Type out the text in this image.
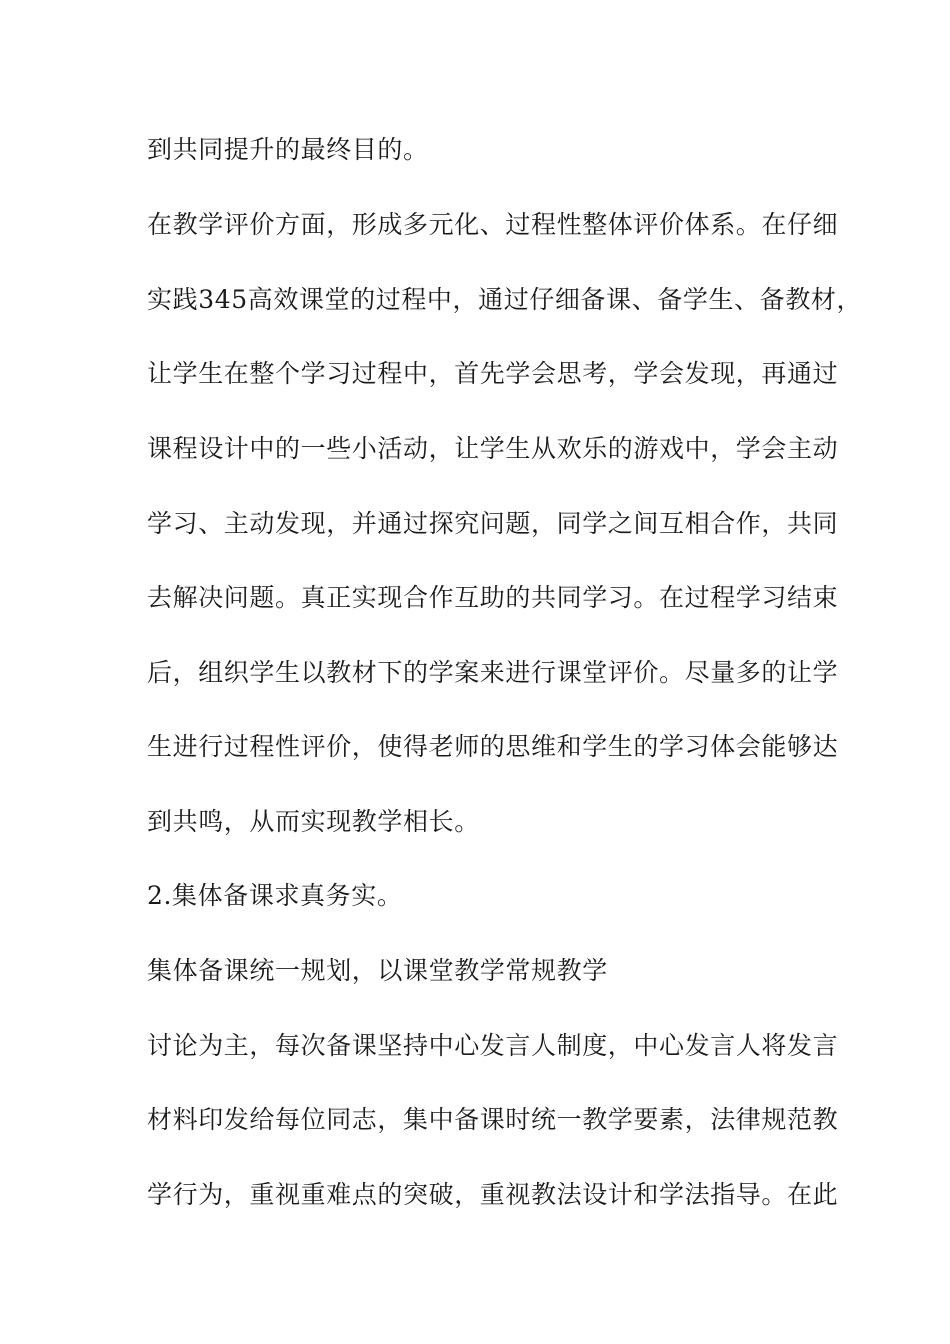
到共同提升的最终目的。
在教学评价方面，形成多元化、过程性整体评价体系。在仔细
实践345高效课堂的过程中，通过仔细备课、备学生、备教材，
让学生在整个学习过程中，首先学会思考，学会发现，再通过
课程设计中的一些小活动，让学生从欢乐的游戏中，学会主动
学习、主动发现，并通过探究问题，同学之间互相合作，共同
去解决问题。真正实现合作互助的共同学习。在过程学习结束
后，组织学生以教材下的学案来进行课堂评价。尽量多的让学
生进行过程性评价，使得老师的思维和学生的学习体会能够达
到共鸣，从而实现教学相长。
2.集体备课求真务实。
集体备课统一规划，以课堂教学常规教学
讨论为主，每次备课坚持中心发言人制度，中心发言人将发言
材料印发给每位同志，集中备课时统一教学要素，法律规范教
学行为，重视重难点的突破，重视教法设计和学法指导。在此
